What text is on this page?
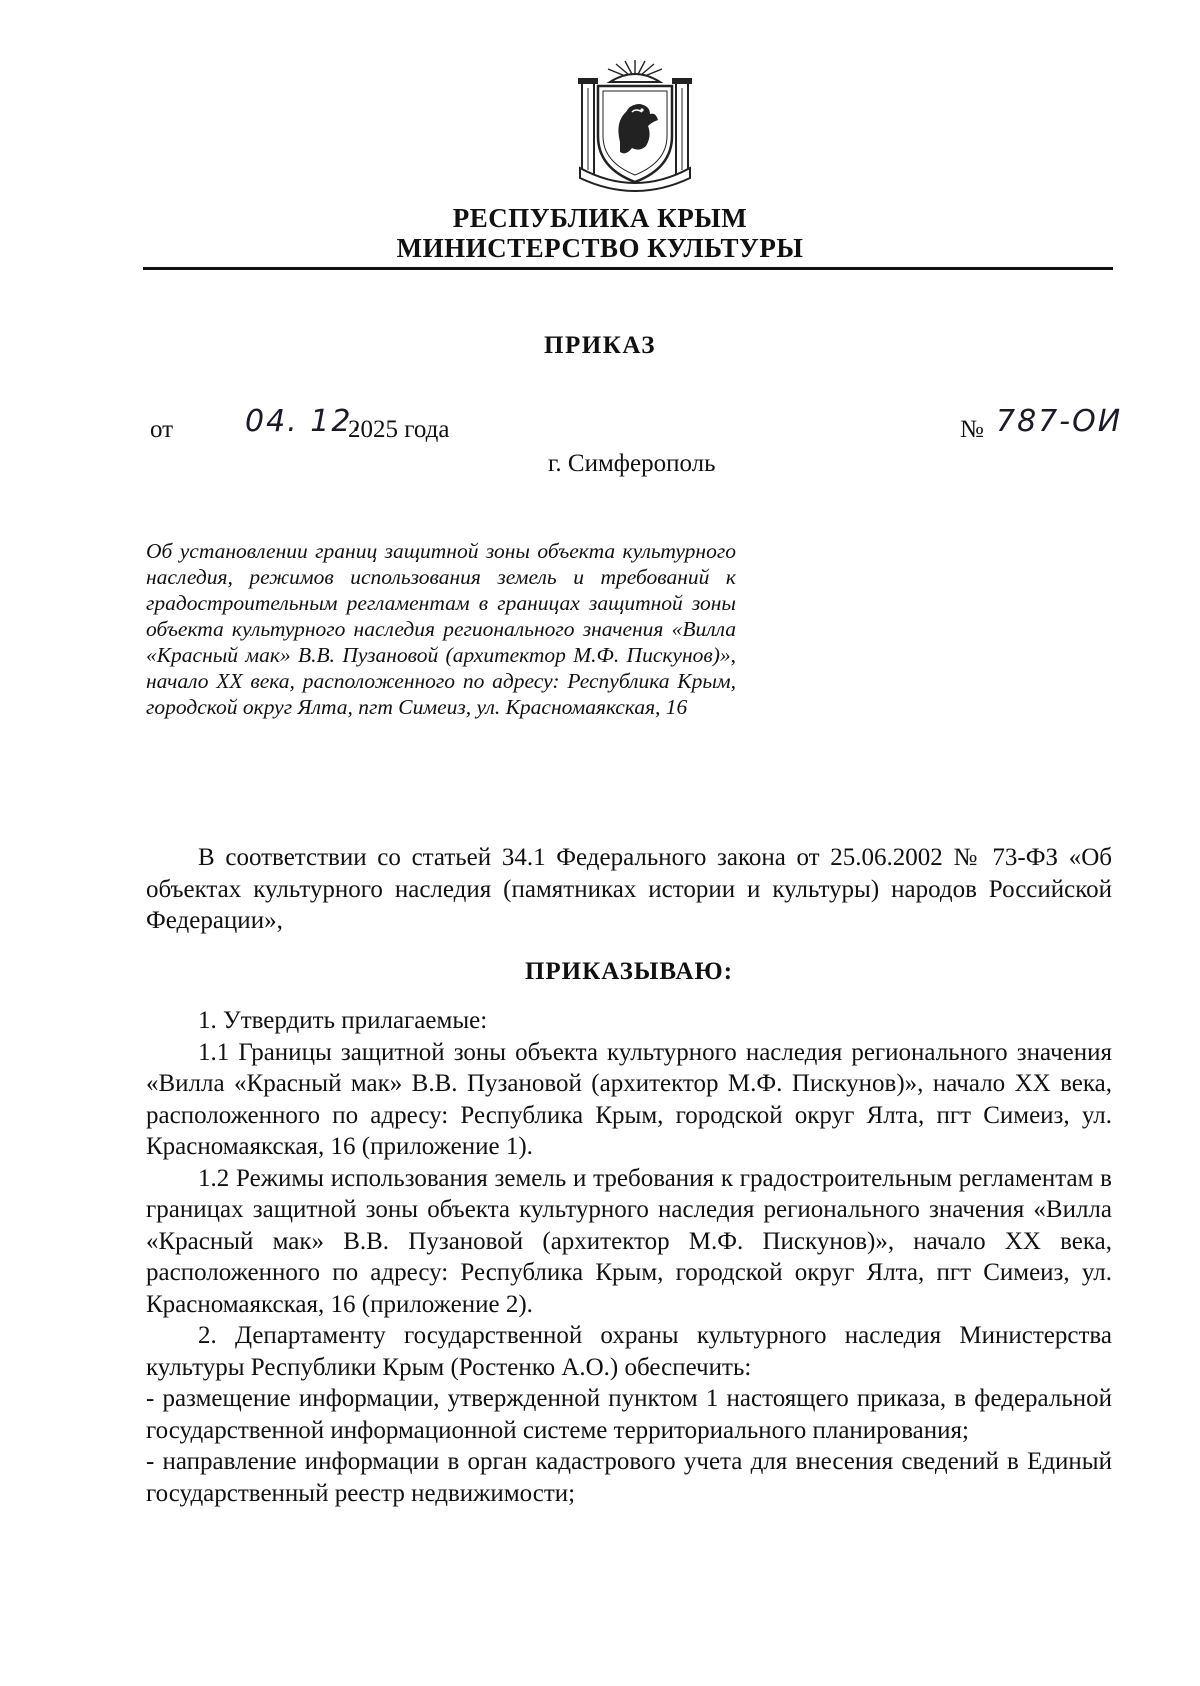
РЕСПУБЛИКА КРЫМ
МИНИСТЕРСТВО КУЛЬТУРЫ
ПРИКАЗ
от 04. 12.
2025 года	№ 787-ОИ
г. Симферополь

Об установлении границ защитной зоны объекта культурного наследия, режимов использования земель и требований к градостроительным регламентам в границах защитной зоны объекта культурного наследия регионального значения «Вилла «Красный мак» В.В. Пузановой (архитектор М.Ф. Пискунов)», начало XX века, расположенного по адресу: Республика Крым, городской округ Ялта, пгт Симеиз, ул. Красномаякская, 16

В соответствии со статьей 34.1 Федерального закона от 25.06.2002 № 73-ФЗ «Об объектах культурного наследия (памятниках истории и культуры) народов Российской Федерации»,

ПРИКАЗЫВАЮ:

1. Утвердить прилагаемые:

1.1 Границы защитной зоны объекта культурного наследия регионального значения «Вилла «Красный мак» В.В. Пузановой (архитектор М.Ф. Пискунов)», начало XX века, расположенного по адресу: Республика Крым, городской округ Ялта, пгт Симеиз, ул. Красномаякская, 16 (приложение 1).

1.2 Режимы использования земель и требования к градостроительным регламентам в границах защитной зоны объекта культурного наследия регионального значения «Вилла «Красный мак» В.В. Пузановой (архитектор М.Ф. Пискунов)», начало XX века, расположенного по адресу: Республика Крым, городской округ Ялта, пгт Симеиз, ул. Красномаякская, 16 (приложение 2).

2. Департаменту государственной охраны культурного наследия Министерства культуры Республики Крым (Ростенко А.О.) обеспечить:

- размещение информации, утвержденной пунктом 1 настоящего приказа, в федеральной государственной информационной системе территориального планирования;

- направление информации в орган кадастрового учета для внесения сведений в Единый государственный реестр недвижимости;
